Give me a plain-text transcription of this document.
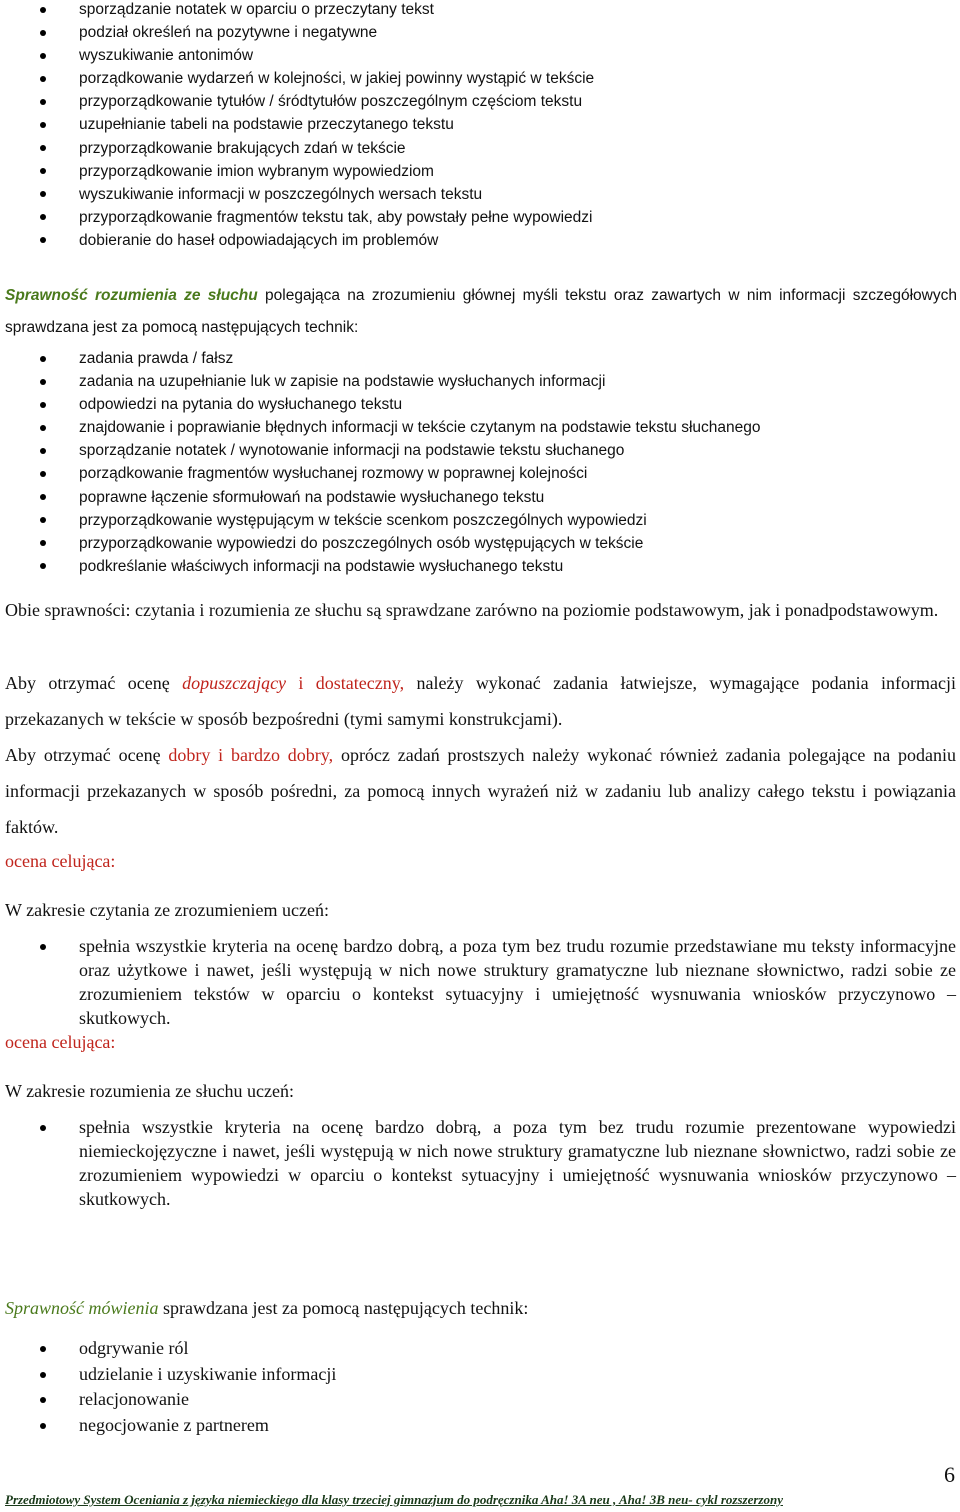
sporządzanie notatek w oparciu o przeczytany tekst
podział określeń na pozytywne i negatywne
wyszukiwanie antonimów
porządkowanie wydarzeń w kolejności, w jakiej powinny wystąpić w tekście
przyporządkowanie tytułów / śródtytułów poszczególnym częściom tekstu
uzupełnianie tabeli na podstawie przeczytanego tekstu
przyporządkowanie brakujących zdań w tekście
przyporządkowanie imion wybranym wypowiedziom
wyszukiwanie informacji w poszczególnych wersach tekstu
przyporządkowanie fragmentów tekstu tak, aby powstały pełne wypowiedzi
dobieranie do haseł odpowiadających im problemów

Sprawność rozumienia ze słuchu polegająca na zrozumieniu głównej myśli tekstu oraz zawartych w nim informacji szczegółowych sprawdzana jest za pomocą następujących technik:

zadania prawda / fałsz
zadania na uzupełnianie luk w zapisie na podstawie wysłuchanych informacji
odpowiedzi na pytania do wysłuchanego tekstu
znajdowanie i poprawianie błędnych informacji w tekście czytanym na podstawie tekstu słuchanego
sporządzanie notatek / wynotowanie informacji na podstawie tekstu słuchanego
porządkowanie fragmentów wysłuchanej rozmowy w poprawnej kolejności
poprawne łączenie sformułowań na podstawie wysłuchanego tekstu
przyporządkowanie występującym w tekście scenkom poszczególnych wypowiedzi
przyporządkowanie wypowiedzi do poszczególnych osób występujących w tekście
podkreślanie właściwych informacji na podstawie wysłuchanego tekstu

Obie sprawności: czytania i rozumienia ze słuchu są sprawdzane zarówno na poziomie podstawowym, jak i ponadpodstawowym.

Aby otrzymać ocenę dopuszczający i dostateczny, należy wykonać zadania łatwiejsze, wymagające podania informacji przekazanych w tekście w sposób bezpośredni (tymi samymi konstrukcjami).

Aby otrzymać ocenę dobry i bardzo dobry, oprócz zadań prostszych należy wykonać również zadania polegające na podaniu informacji przekazanych w sposób pośredni, za pomocą innych wyrażeń niż w zadaniu lub analizy całego tekstu i powiązania faktów.

ocena celująca:
W zakresie czytania ze zrozumieniem uczeń:
spełnia wszystkie kryteria na ocenę bardzo dobrą, a poza tym bez trudu rozumie przedstawiane mu teksty informacyjne oraz użytkowe i nawet, jeśli występują w nich nowe struktury gramatyczne lub nieznane słownictwo, radzi sobie ze zrozumieniem tekstów w oparciu o kontekst sytuacyjny i umiejętność wysnuwania wniosków przyczynowo – skutkowych.
ocena celująca:
W zakresie rozumienia ze słuchu uczeń:
spełnia wszystkie kryteria na ocenę bardzo dobrą, a poza tym bez trudu rozumie prezentowane wypowiedzi niemieckojęzyczne i nawet, jeśli występują w nich nowe struktury gramatyczne lub nieznane słownictwo, radzi sobie ze zrozumieniem wypowiedzi w oparciu o kontekst sytuacyjny i umiejętność wysnuwania wniosków przyczynowo – skutkowych.

Sprawność mówienia sprawdzana jest za pomocą następujących technik:

odgrywanie ról
udzielanie i uzyskiwanie informacji
relacjonowanie
negocjowanie z partnerem
6
Przedmiotowy System Oceniania z języka niemieckiego dla klasy trzeciej gimnazjum do podręcznika Aha! 3A neu , Aha! 3B neu- cykl rozszerzony
